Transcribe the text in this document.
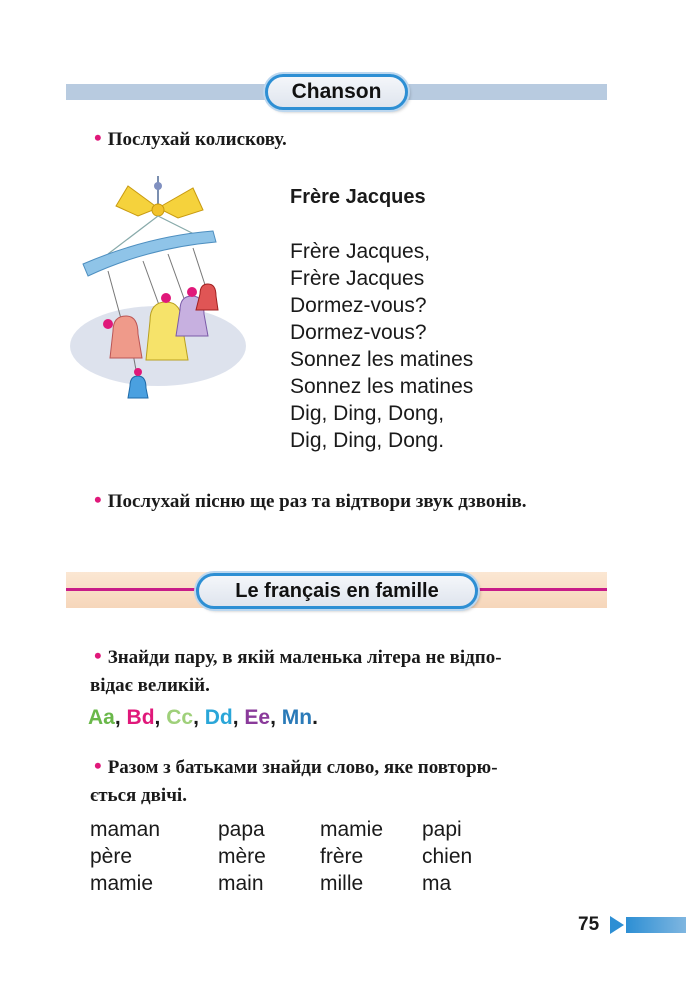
Chanson
• Послухай колискову.
Frère Jacques
Frère Jacques,
Frère Jacques
Dormez-vous?
Dormez-vous?
Sonnez les matines
Sonnez les matines
Dig, Ding, Dong,
Dig, Ding, Dong.
• Послухай пісню ще раз та відтвори звук дзвонів.
Le français en famille
• Знайди пару, в якій маленька літера не відпо-
відає великій.
Aa, Bd, Cc, Dd, Ee, Mn.
• Разом з батьками знайди слово, яке повторю-
ється двічі.
maman	papa	mamie	papi
père	mère	frère	chien
mamie	main	mille	ma
75
